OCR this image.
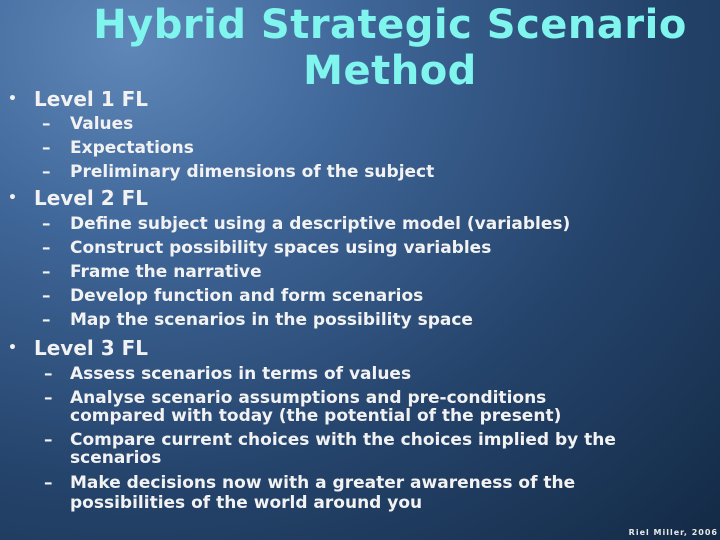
Hybrid Strategic Scenario
Method
• Level 1 FL
– Values
– Expectations
– Preliminary dimensions of the subject
• Level 2 FL
– Define subject using a descriptive model (variables)
– Construct possibility spaces using variables
– Frame the narrative
– Develop function and form scenarios
– Map the scenarios in the possibility space
• Level 3 FL
– Assess scenarios in terms of values
– Analyse scenario assumptions and pre-conditions
compared with today (the potential of the present)
– Compare current choices with the choices implied by the
scenarios
– Make decisions now with a greater awareness of the
possibilities of the world around you
Riel Miller, 2006
